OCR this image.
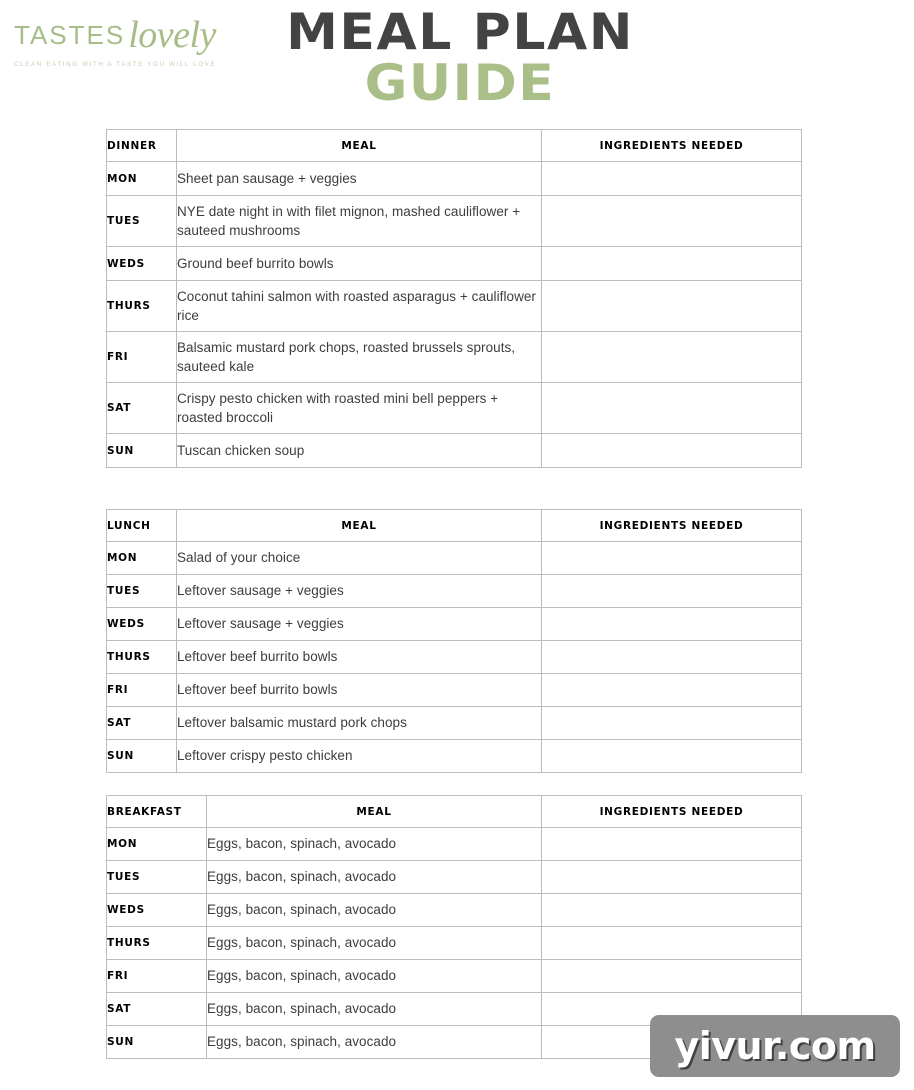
TASTESlovely
CLEAN EATING WITH A TASTE YOU WILL LOVE
MEAL PLAN
GUIDE
DINNER	MEAL	INGREDIENTS NEEDED
MON	Sheet pan sausage + veggies	
TUES	NYE date night in with filet mignon, mashed cauliflower + sauteed mushrooms	
WEDS	Ground beef burrito bowls	
THURS	Coconut tahini salmon with roasted asparagus + cauliflower rice	
FRI	Balsamic mustard pork chops, roasted brussels sprouts, sauteed kale	
SAT	Crispy pesto chicken with roasted mini bell peppers + roasted broccoli	
SUN	Tuscan chicken soup	
LUNCH	MEAL	INGREDIENTS NEEDED
MON	Salad of your choice	
TUES	Leftover sausage + veggies	
WEDS	Leftover sausage + veggies	
THURS	Leftover beef burrito bowls	
FRI	Leftover beef burrito bowls	
SAT	Leftover balsamic mustard pork chops	
SUN	Leftover crispy pesto chicken	
BREAKFAST	MEAL	INGREDIENTS NEEDED
MON	Eggs, bacon, spinach, avocado	
TUES	Eggs, bacon, spinach, avocado	
WEDS	Eggs, bacon, spinach, avocado	
THURS	Eggs, bacon, spinach, avocado	
FRI	Eggs, bacon, spinach, avocado	
SAT	Eggs, bacon, spinach, avocado	
SUN	Eggs, bacon, spinach, avocado		yivur.com
